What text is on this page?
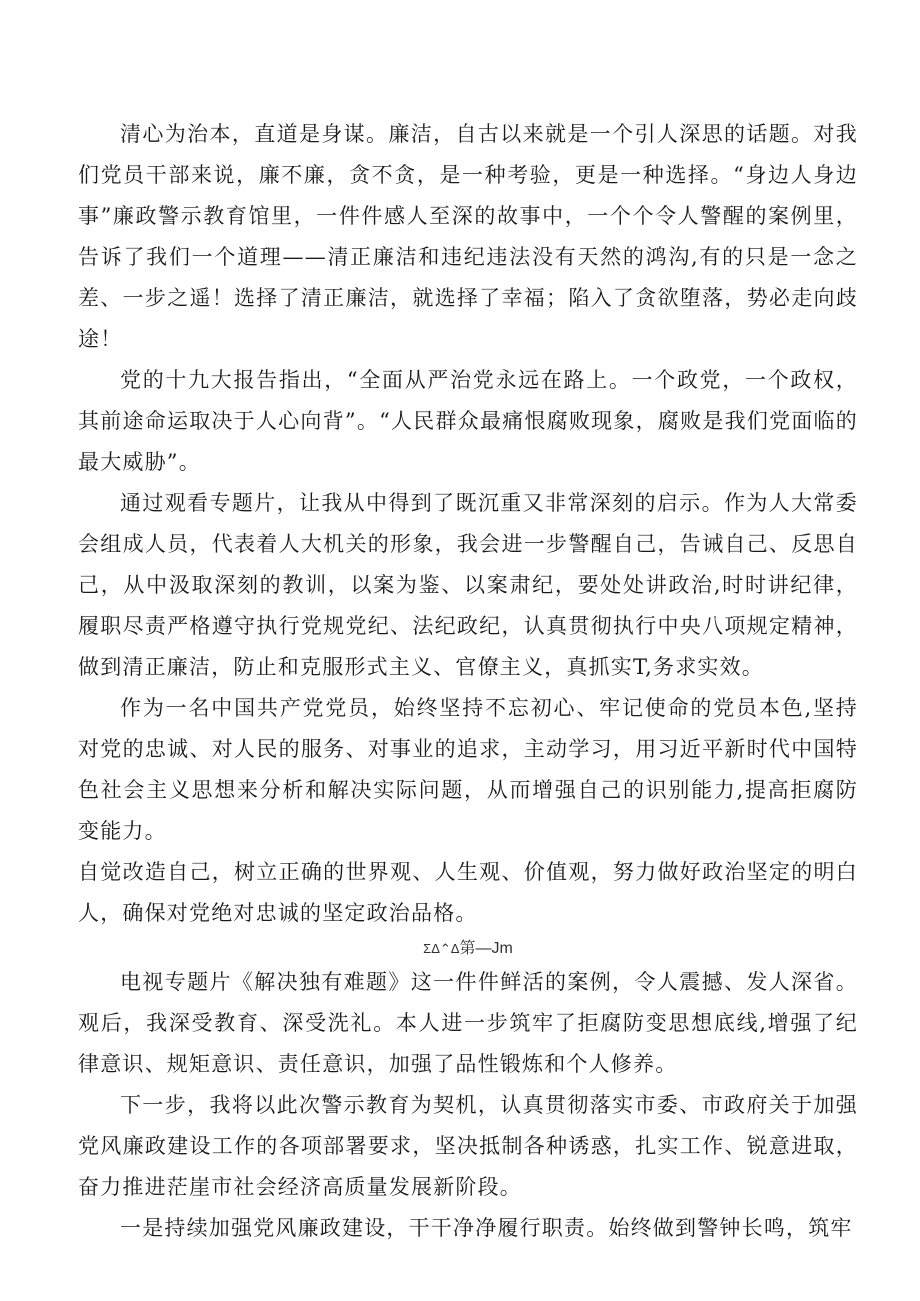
清心为治本，直道是身谋。廉洁，自古以来就是一个引人深思的话题。对我们党员干部来说，廉不廉，贪不贪，是一种考验，更是一种选择。“身边人身边事”廉政警示教育馆里，一件件感人至深的故事中，一个个令人警醒的案例里，告诉了我们一个道理——清正廉洁和违纪违法没有天然的鸿沟,有的只是一念之差、一步之遥！选择了清正廉洁，就选择了幸福；陷入了贪欲堕落，势必走向歧途！

党的十九大报告指出，“全面从严治党永远在路上。一个政党，一个政权，其前途命运取决于人心向背”。“人民群众最痛恨腐败现象，腐败是我们党面临的最大威胁”。

通过观看专题片，让我从中得到了既沉重又非常深刻的启示。作为人大常委会组成人员，代表着人大机关的形象，我会进一步警醒自己，告诫自己、反思自己，从中汲取深刻的教训，以案为鉴、以案肃纪，要处处讲政治,时时讲纪律，履职尽责严格遵守执行党规党纪、法纪政纪，认真贯彻执行中央八项规定精神，做到清正廉洁，防止和克服形式主义、官僚主义，真抓实T,务求实效。

作为一名中国共产党党员，始终坚持不忘初心、牢记使命的党员本色,坚持对党的忠诚、对人民的服务、对事业的追求，主动学习，用习近平新时代中国特色社会主义思想来分析和解决实际问题，从而增强自己的识别能力,提高拒腐防变能力。

自觉改造自己，树立正确的世界观、人生观、价值观，努力做好政治坚定的明白人，确保对党绝对忠诚的坚定政治品格。

ΣΔ⌃Δ第—Jm

电视专题片《解决独有难题》这一件件鲜活的案例，令人震撼、发人深省。观后，我深受教育、深受洗礼。本人进一步筑牢了拒腐防变思想底线,增强了纪律意识、规矩意识、责任意识，加强了品性锻炼和个人修养。

下一步，我将以此次警示教育为契机，认真贯彻落实市委、市政府关于加强党风廉政建设工作的各项部署要求，坚决抵制各种诱惑，扎实工作、锐意进取，奋力推进茫崖市社会经济高质量发展新阶段。

一是持续加强党风廉政建设，干干净净履行职责。始终做到警钟长鸣，筑牢
